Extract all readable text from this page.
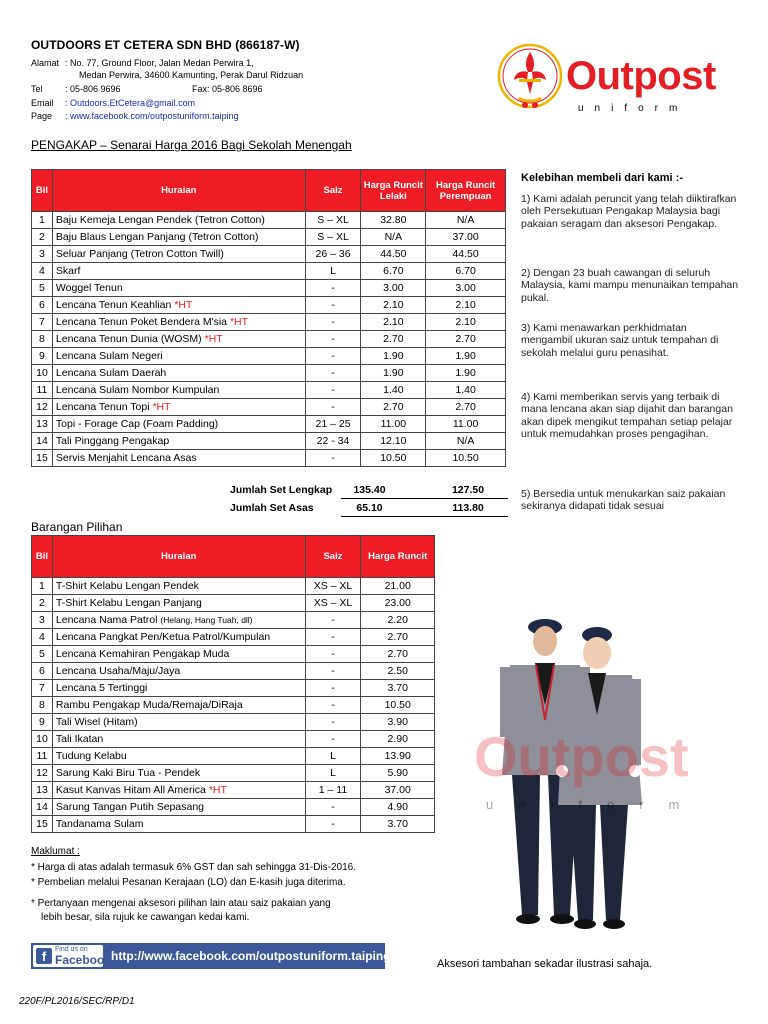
OUTDOORS ET CETERA SDN BHD (866187-W)
Alamat : No. 77, Ground Floor, Jalan Medan Perwira 1,
Medan Perwira, 34600 Kamunting, Perak Darul Ridzuan
Tel : 05-806 9696	Fax: 05-806 8696
Email : Outdoors.EtCetera@gmail.com
Page : www.facebook.com/outpostuniform.taiping
Outpost
uniform
PENGAKAP – Senarai Harga 2016 Bagi Sekolah Menengah
Bil	Huraian	Saiz	Harga Runcit Lelaki	Harga Runcit Perempuan
1	Baju Kemeja Lengan Pendek (Tetron Cotton)	S – XL	32.80	N/A
2	Baju Blaus Lengan Panjang (Tetron Cotton)	S – XL	N/A	37.00
3	Seluar Panjang (Tetron Cotton Twill)	26 – 36	44.50	44.50
4	Skarf	L	6.70	6.70
5	Woggel Tenun	-	3.00	3.00
6	Lencana Tenun Keahlian *HT	-	2.10	2.10
7	Lencana Tenun Poket Bendera M'sia *HT	-	2.10	2.10
8	Lencana Tenun Dunia (WOSM) *HT	-	2.70	2.70
9	Lencana Sulam Negeri	-	1.90	1.90
10	Lencana Sulam Daerah	-	1.90	1.90
11	Lencana Sulam Nombor Kumpulan	-	1.40	1.40
12	Lencana Tenun Topi *HT	-	2.70	2.70
13	Topi - Forage Cap (Foam Padding)	21 – 25	11.00	11.00
14	Tali Pinggang Pengakap	22 - 34	12.10	N/A
15	Servis Menjahit Lencana Asas	-	10.50	10.50
Jumlah Set Lengkap	135.40	127.50
Jumlah Set Asas	65.10	113.80
Barangan Pilihan
Bil	Huraian	Saiz	Harga Runcit
1	T-Shirt Kelabu Lengan Pendek	XS – XL	21.00
2	T-Shirt Kelabu Lengan Panjang	XS – XL	23.00
3	Lencana Nama Patrol (Helang, Hang Tuah, dll)	-	2.20
4	Lencana Pangkat Pen/Ketua Patrol/Kumpulan	-	2.70
5	Lencana Kemahiran Pengakap Muda	-	2.70
6	Lencana Usaha/Maju/Jaya	-	2.50
7	Lencana 5 Tertinggi	-	3.70
8	Rambu Pengakap Muda/Remaja/DiRaja	-	10.50
9	Tali Wisel (Hitam)	-	3.90
10	Tali Ikatan	-	2.90
11	Tudung Kelabu	L	13.90
12	Sarung Kaki Biru Tua - Pendek	L	5.90
13	Kasut Kanvas Hitam All America *HT	1 – 11	37.00
14	Sarung Tangan Putih Sepasang	-	4.90
15	Tandanama Sulam	-	3.70
Kelebihan membeli dari kami :-
1) Kami adalah peruncit yang telah diiktirafkan oleh Persekutuan Pengakap Malaysia bagi pakaian seragam dan aksesori Pengakap.
2) Dengan 23 buah cawangan di seluruh Malaysia, kami mampu menunaikan tempahan pukal.
3) Kami menawarkan perkhidmatan mengambil ukuran saiz untuk tempahan di sekolah melalui guru penasihat.
4) Kami memberikan servis yang terbaik di mana lencana akan siap dijahit dan barangan akan dipek mengikut tempahan setiap pelajar untuk memudahkan proses pengagihan.
5) Bersedia untuk menukarkan saiz pakaian sekiranya didapati tidak sesuai
Outpost
uniform
Maklumat :
* Harga di atas adalah termasuk 6% GST dan sah sehingga 31-Dis-2016.
* Pembelian melalui Pesanan Kerajaan (LO) dan E-kasih juga diterima.
* Pertanyaan mengenai aksesori pilihan lain atau saiz pakaian yang
lebih besar, sila rujuk ke cawangan kedai kami.
f	Find us on
Facebook http://www.facebook.com/outpostuniform.taiping
Aksesori tambahan sekadar ilustrasi sahaja.
220F/PL2016/SEC/RP/D1
